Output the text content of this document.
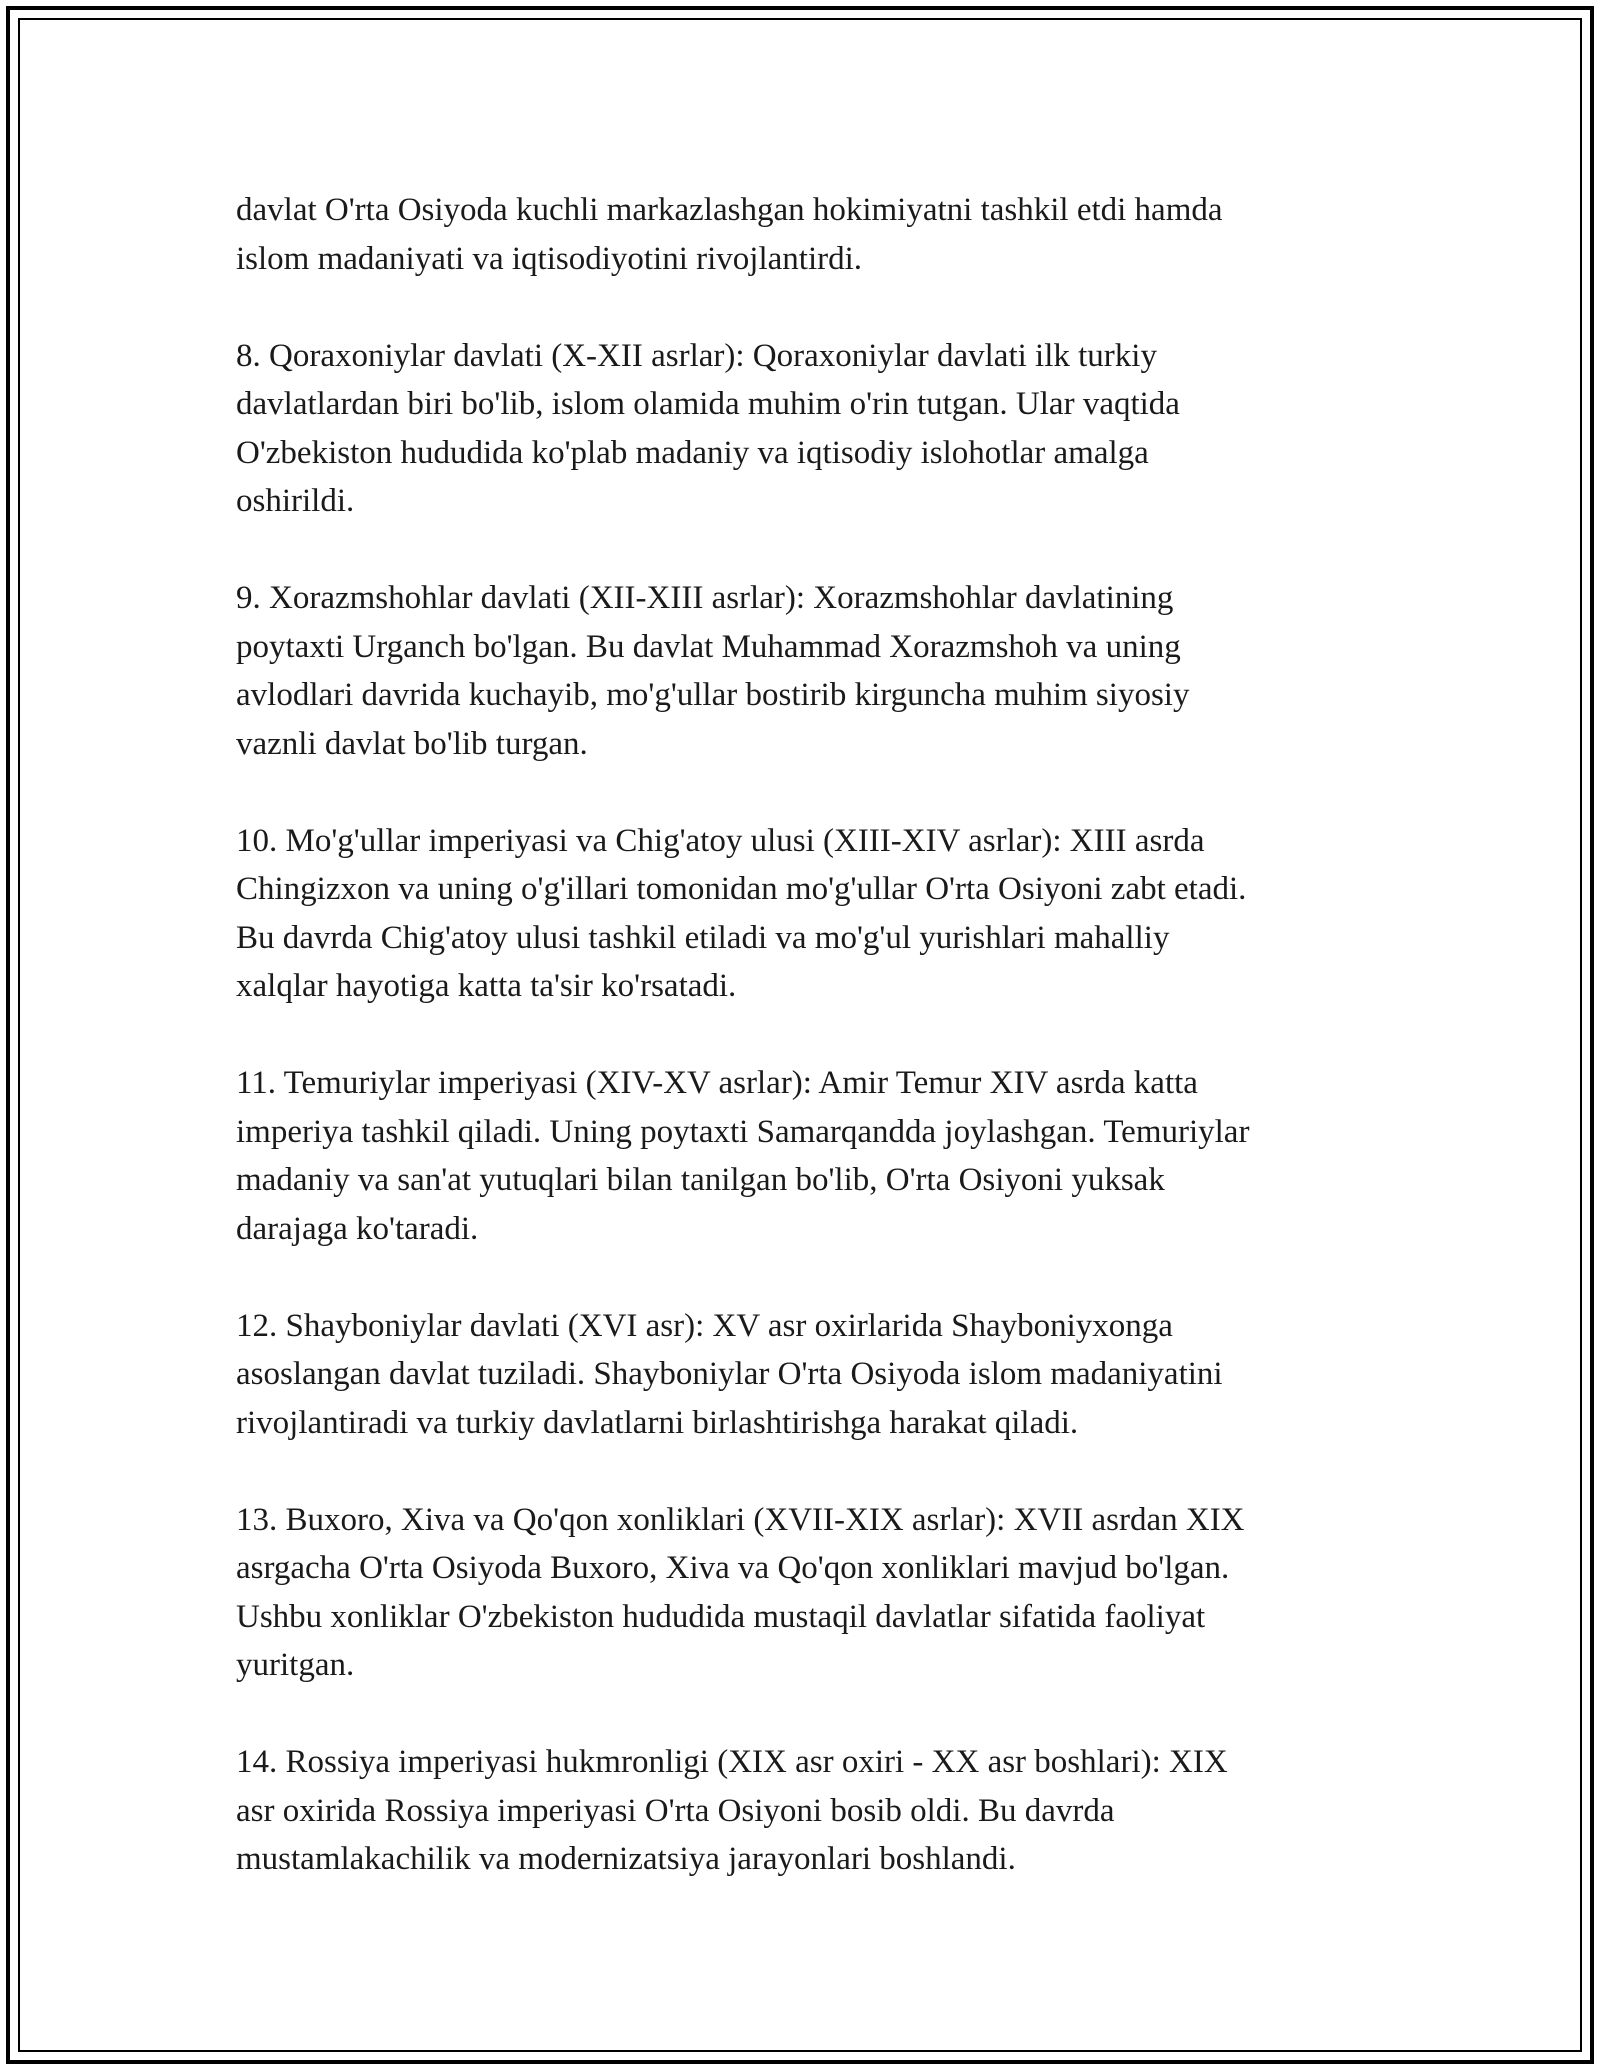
davlat O'rta Osiyoda kuchli markazlashgan hokimiyatni tashkil etdi hamda
islom madaniyati va iqtisodiyotini rivojlantirdi.

8. Qoraxoniylar davlati (X-XII asrlar): Qoraxoniylar davlati ilk turkiy
davlatlardan biri bo'lib, islom olamida muhim o'rin tutgan. Ular vaqtida
O'zbekiston hududida ko'plab madaniy va iqtisodiy islohotlar amalga
oshirildi.

9. Xorazmshohlar davlati (XII-XIII asrlar): Xorazmshohlar davlatining
poytaxti Urganch bo'lgan. Bu davlat Muhammad Xorazmshoh va uning
avlodlari davrida kuchayib, mo'g'ullar bostirib kirguncha muhim siyosiy
vaznli davlat bo'lib turgan.

10. Mo'g'ullar imperiyasi va Chig'atoy ulusi (XIII-XIV asrlar): XIII asrda
Chingizxon va uning o'g'illari tomonidan mo'g'ullar O'rta Osiyoni zabt etadi.
Bu davrda Chig'atoy ulusi tashkil etiladi va mo'g'ul yurishlari mahalliy
xalqlar hayotiga katta ta'sir ko'rsatadi.

11. Temuriylar imperiyasi (XIV-XV asrlar): Amir Temur XIV asrda katta
imperiya tashkil qiladi. Uning poytaxti Samarqandda joylashgan. Temuriylar
madaniy va san'at yutuqlari bilan tanilgan bo'lib, O'rta Osiyoni yuksak
darajaga ko'taradi.

12. Shayboniylar davlati (XVI asr): XV asr oxirlarida Shayboniyxonga
asoslangan davlat tuziladi. Shayboniylar O'rta Osiyoda islom madaniyatini
rivojlantiradi va turkiy davlatlarni birlashtirishga harakat qiladi.

13. Buxoro, Xiva va Qo'qon xonliklari (XVII-XIX asrlar): XVII asrdan XIX
asrgacha O'rta Osiyoda Buxoro, Xiva va Qo'qon xonliklari mavjud bo'lgan.
Ushbu xonliklar O'zbekiston hududida mustaqil davlatlar sifatida faoliyat
yuritgan.

14. Rossiya imperiyasi hukmronligi (XIX asr oxiri - XX asr boshlari): XIX
asr oxirida Rossiya imperiyasi O'rta Osiyoni bosib oldi. Bu davrda
mustamlakachilik va modernizatsiya jarayonlari boshlandi.
